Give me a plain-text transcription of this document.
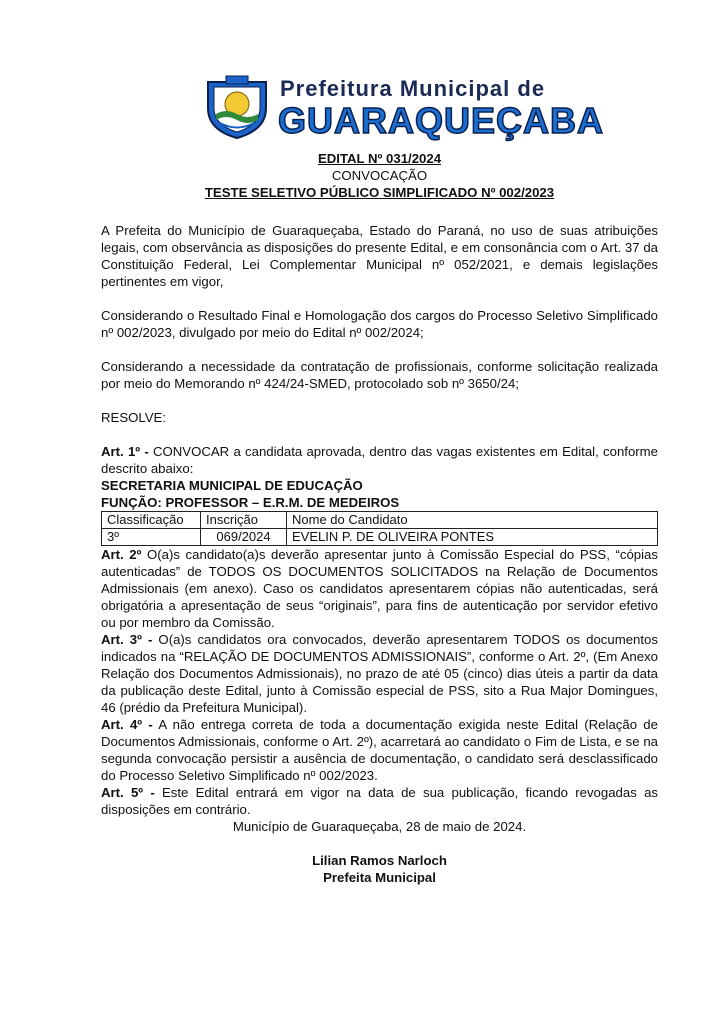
Prefeitura Municipal de
GUARAQUEÇABA
EDITAL Nº 031/2024
CONVOCAÇÃO
TESTE SELETIVO PÚBLICO SIMPLIFICADO Nº 002/2023

A Prefeita do Município de Guaraqueçaba, Estado do Paraná, no uso de suas atribuições legais, com observância as disposições do presente Edital, e em consonância com o Art. 37 da Constituição Federal, Lei Complementar Municipal nº 052/2021, e demais legislações pertinentes em vigor,

Considerando o Resultado Final e Homologação dos cargos do Processo Seletivo Simplificado nº 002/2023, divulgado por meio do Edital nº 002/2024;

Considerando a necessidade da contratação de profissionais, conforme solicitação realizada por meio do Memorando nº 424/24-SMED, protocolado sob nº 3650/24;

RESOLVE:

Art. 1º - CONVOCAR a candidata aprovada, dentro das vagas existentes em Edital, conforme descrito abaixo:

SECRETARIA MUNICIPAL DE EDUCAÇÃO
FUNÇÃO: PROFESSOR – E.R.M. DE MEDEIROS
Classificação	Inscrição	Nome do Candidato
3º	069/2024	EVELIN P. DE OLIVEIRA PONTES

Art. 2º O(a)s candidato(a)s deverão apresentar junto à Comissão Especial do PSS, “cópias autenticadas” de TODOS OS DOCUMENTOS SOLICITADOS na Relação de Documentos Admissionais (em anexo). Caso os candidatos apresentarem cópias não autenticadas, será obrigatória a apresentação de seus “originais”, para fins de autenticação por servidor efetivo ou por membro da Comissão.

Art. 3º - O(a)s candidatos ora convocados, deverão apresentarem TODOS os documentos indicados na “RELAÇÃO DE DOCUMENTOS ADMISSIONAIS”, conforme o Art. 2º, (Em Anexo Relação dos Documentos Admissionais), no prazo de até 05 (cinco) dias úteis a partir da data da publicação deste Edital, junto à Comissão especial de PSS, sito a Rua Major Domingues, 46 (prédio da Prefeitura Municipal).

Art. 4º - A não entrega correta de toda a documentação exigida neste Edital (Relação de Documentos Admissionais, conforme o Art. 2º), acarretará ao candidato o Fim de Lista, e se na segunda convocação persistir a ausência de documentação, o candidato será desclassificado do Processo Seletivo Simplificado nº 002/2023.

Art. 5º - Este Edital entrará em vigor na data de sua publicação, ficando revogadas as disposições em contrário.

Município de Guaraqueçaba, 28 de maio de 2024.
Lilian Ramos Narloch
Prefeita Municipal
